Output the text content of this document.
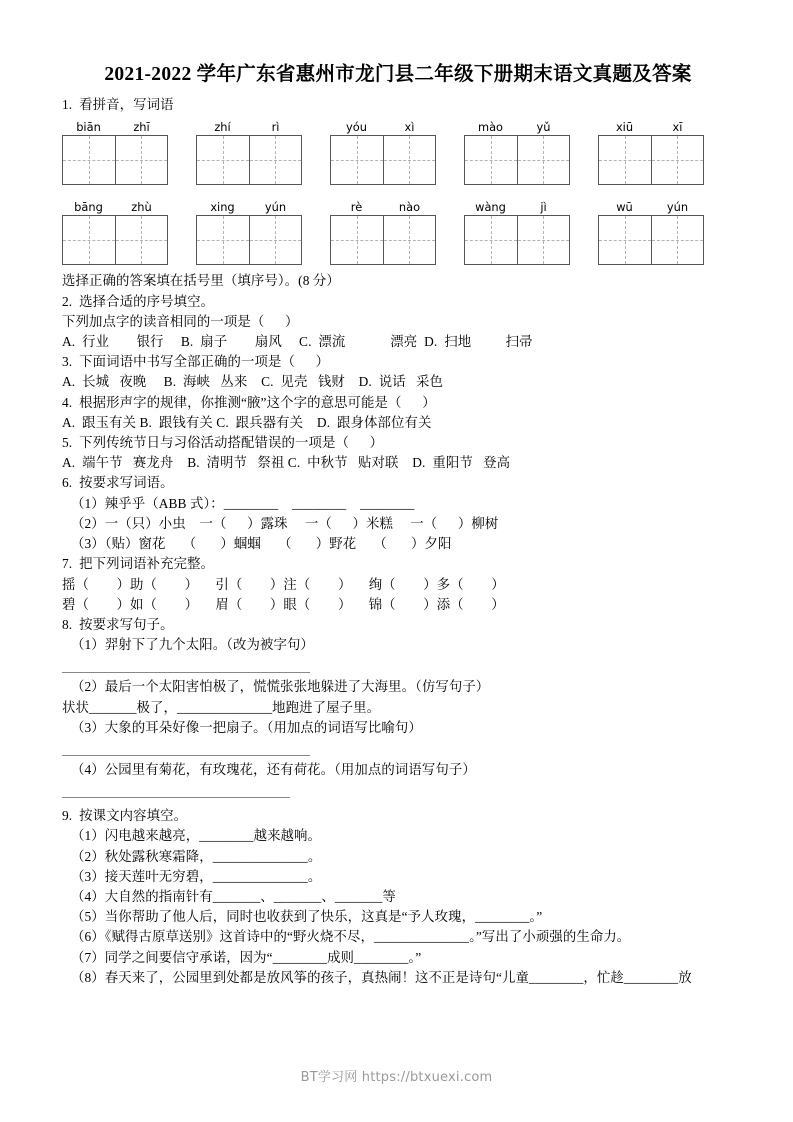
2021-2022 学年广东省惠州市龙门县二年级下册期末语文真题及答案
1.  看拼音，写词语
biān	zhī	zhí	rì	yóu	xì	mào	yǔ	xiū	xī
bāng	zhù	xing	yún	rè	nào	wàng	jì	wū	yún
选择正确的答案填在括号里（填序号）。(8 分）
2.  选择合适的序号填空。
下列加点字的读音相同的一项是（      ）
A.  行业        银行     B.  扇子        扇风     C.  漂流             漂亮  D.  扫地          扫帚
3.  下面词语中书写全部正确的一项是（      ）
A.  长城   夜晚     B.  海峡   丛来    C.  见壳   钱财    D.  说话   采色
4.  根据形声字的规律，你推测“腋”这个字的意思可能是（      ）
A.  跟玉有关 B.  跟钱有关 C.  跟兵器有关    D.  跟身体部位有关
5.  下列传统节日与习俗活动搭配错误的一项是（      ）
A.  端午节   赛龙舟    B.  清明节   祭祖 C.  中秋节   贴对联    D.  重阳节   登高
6.  按要求写词语。
（1）辣乎乎（ABB 式）：________    ________    ________
（2）一（只）小虫    一（      ）露珠     一（      ）米糕     一（      ）柳树
（3）（贴）窗花     （       ）蝈蝈     （       ）野花     （       ）夕阳
7.  把下列词语补充完整。
摇（        ）助（        ）     引（        ）注（        ）     绚（        ）多（        ）
碧（        ）如（        ）     眉（        ）眼（        ）     锦（        ）添（        ）
8.  按要求写句子。
（1）羿射下了九个太阳。（改为被字句）
（2）最后一个太阳害怕极了，慌慌张张地躲进了大海里。（仿写句子）
状状_______极了，______________地跑进了屋子里。
（3）大象的耳朵好像一把扇子。（用加点的词语写比喻句）
（4）公园里有菊花，有玫瑰花，还有荷花。（用加点的词语写句子）
9.  按课文内容填空。
（1）闪电越来越亮，________越来越响。
（2）秋处露秋寒霜降，______________。
（3）接天莲叶无穷碧，______________。
（4）大自然的指南针有_______、_______、_______等
（5）当你帮助了他人后，同时也收获到了快乐，这真是“予人玫瑰，________。”
（6）《赋得古原草送别》这首诗中的“野火烧不尽，______________。”写出了小顽强的生命力。
（7）同学之间要信守承诺，因为“________成则________。”
（8）春天来了，公园里到处都是放风筝的孩子，真热闹！这不正是诗句“儿童________，忙趁________放
BT学习网 https://btxuexi.com
